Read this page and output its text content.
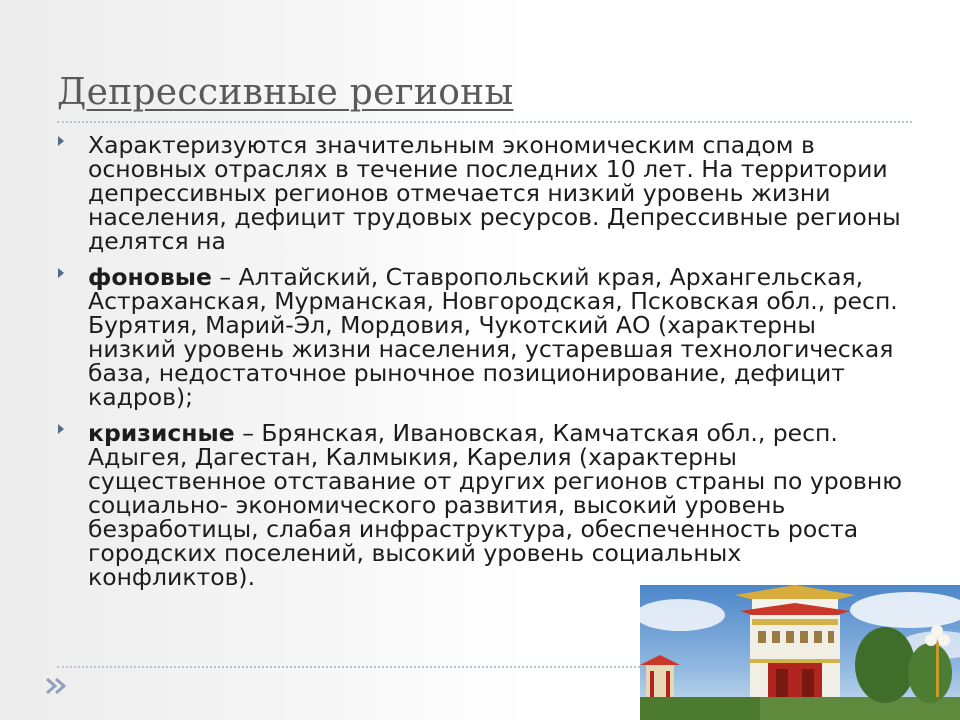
Депрессивные регионы
Характеризуются значительным экономическим спадом в основных отраслях в течение последних 10 лет. На территории депрессивных регионов отмечается низкий уровень жизни населения, дефицит трудовых ресурсов. Депрессивные регионы делятся на
фоновые – Алтайский, Ставропольский края, Архангельская, Астраханская, Мурманская, Новгородская, Псковская обл., респ. Бурятия, Марий-Эл, Мордовия, Чукотский АО (характерны низкий уровень жизни населения, устаревшая технологическая база, недостаточное рыночное позиционирование, дефицит кадров);
кризисные – Брянская, Ивановская, Камчатская обл., респ. Адыгея, Дагестан, Калмыкия, Карелия (характерны существенное отставание от других регионов страны по уровню социально- экономического развития, высокий уровень безработицы, слабая инфраструктура, обеспеченность роста городских поселений, высокий уровень социальных конфликтов).
